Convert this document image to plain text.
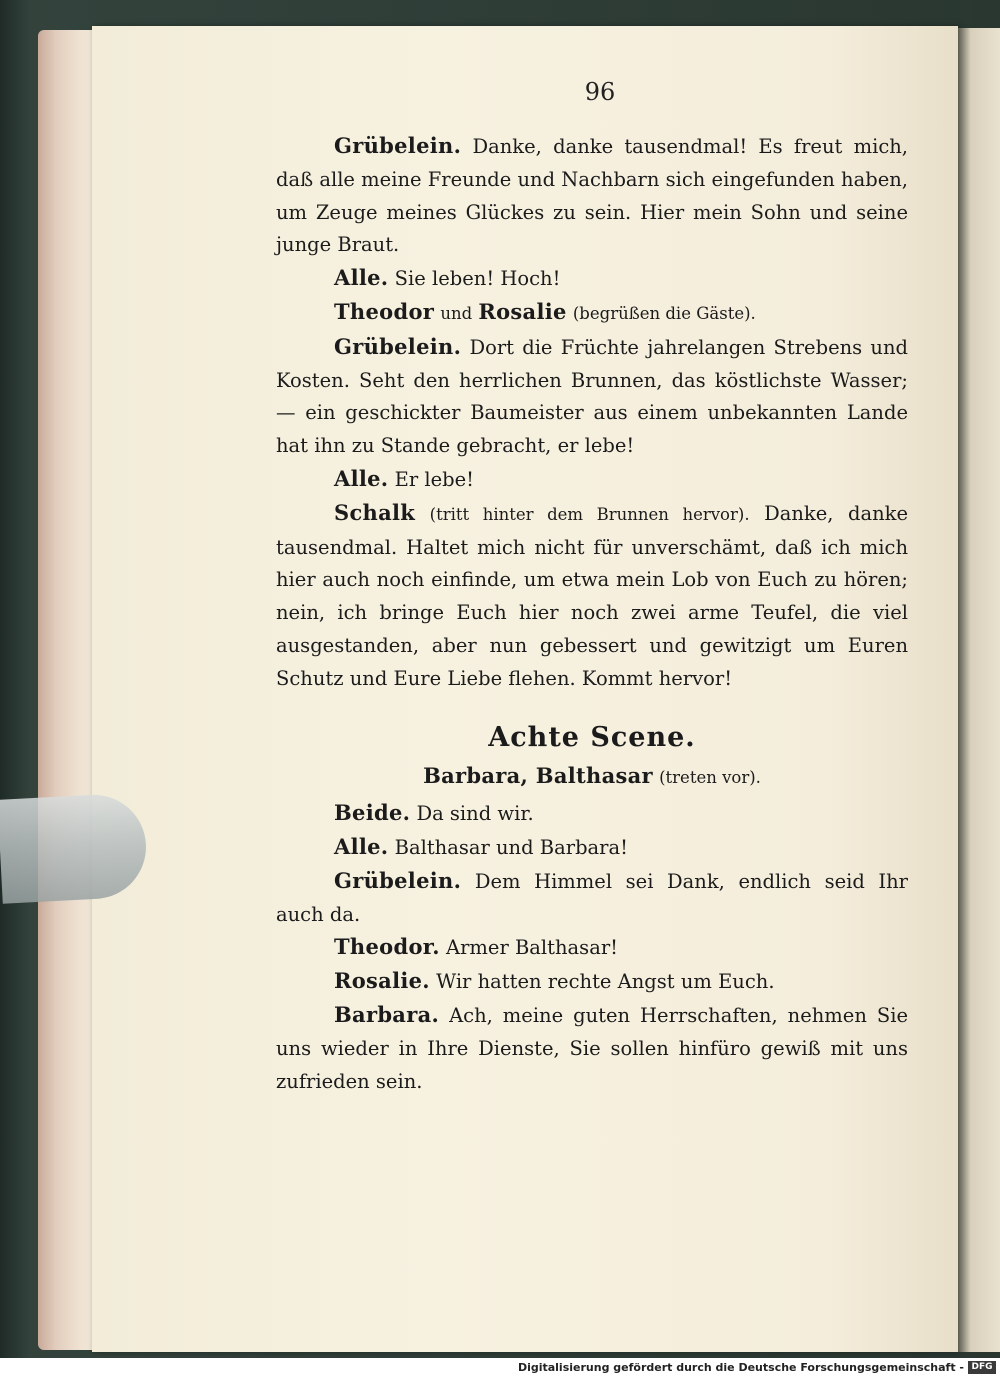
96

Grübelein. Danke, danke tausendmal! Es freut mich, daß alle meine Freunde und Nachbarn sich eingefunden haben, um Zeuge meines Glückes zu sein. Hier mein Sohn und seine junge Braut.

Alle. Sie leben! Hoch!

Theodor und Rosalie (begrüßen die Gäste).

Grübelein. Dort die Früchte jahrelangen Strebens und Kosten. Seht den herrlichen Brunnen, das köstlichste Wasser; — ein geschickter Baumeister aus einem unbekannten Lande hat ihn zu Stande gebracht, er lebe!

Alle. Er lebe!

Schalk (tritt hinter dem Brunnen hervor). Danke, danke tausendmal. Haltet mich nicht für unverschämt, daß ich mich hier auch noch einfinde, um etwa mein Lob von Euch zu hören; nein, ich bringe Euch hier noch zwei arme Teufel, die viel ausgestanden, aber nun gebessert und gewitzigt um Euren Schutz und Eure Liebe flehen. Kommt hervor!

Achte Scene.

Barbara, Balthasar (treten vor).

Beide. Da sind wir.

Alle. Balthasar und Barbara!

Grübelein. Dem Himmel sei Dank, endlich seid Ihr auch da.

Theodor. Armer Balthasar!

Rosalie. Wir hatten rechte Angst um Euch.

Barbara. Ach, meine guten Herrschaften, nehmen Sie uns wieder in Ihre Dienste, Sie sollen hinfüro gewiß mit uns zufrieden sein.

Digitalisierung gefördert durch die Deutsche Forschungsgemeinschaft - DFG
